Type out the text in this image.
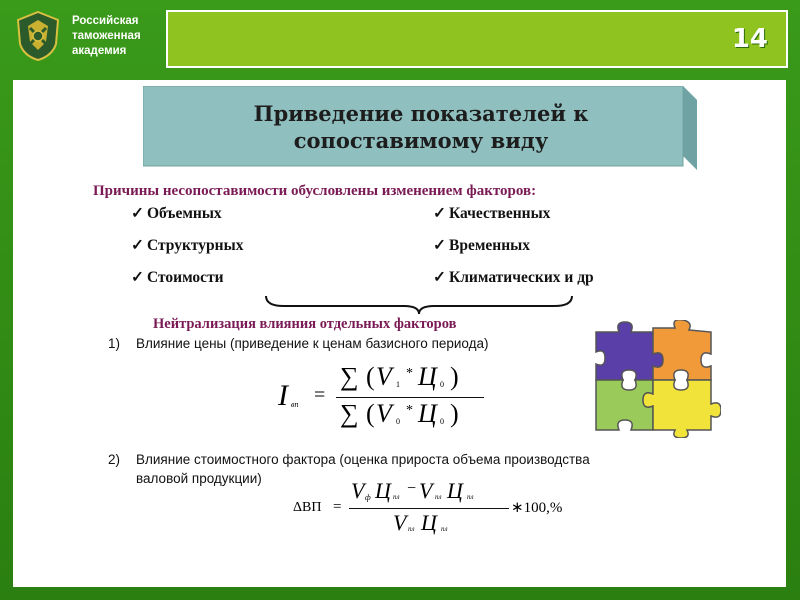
Российская
таможенная
академия	14
Приведение показателей к
сопоставимому виду
Причины несопоставимости обусловлены изменением факторов:
✓ Объемных
✓ Структурных
✓ Стоимости
✓ Качественных
✓ Временных
✓ Климатических и др
Нейтрализация влияния отдельных факторов
1) Влияние цены (приведение к ценам базисного периода)
I вп =
∑ ( V 1
* Ц 0 )
∑ ( V 0
* Ц 0 )
2) Влияние стоимостного фактора (оценка прироста объема производства
валовой продукции)
ΔВП =
V ф Ц пл − V пл Ц пл
V пл Ц пл
∗100,%
